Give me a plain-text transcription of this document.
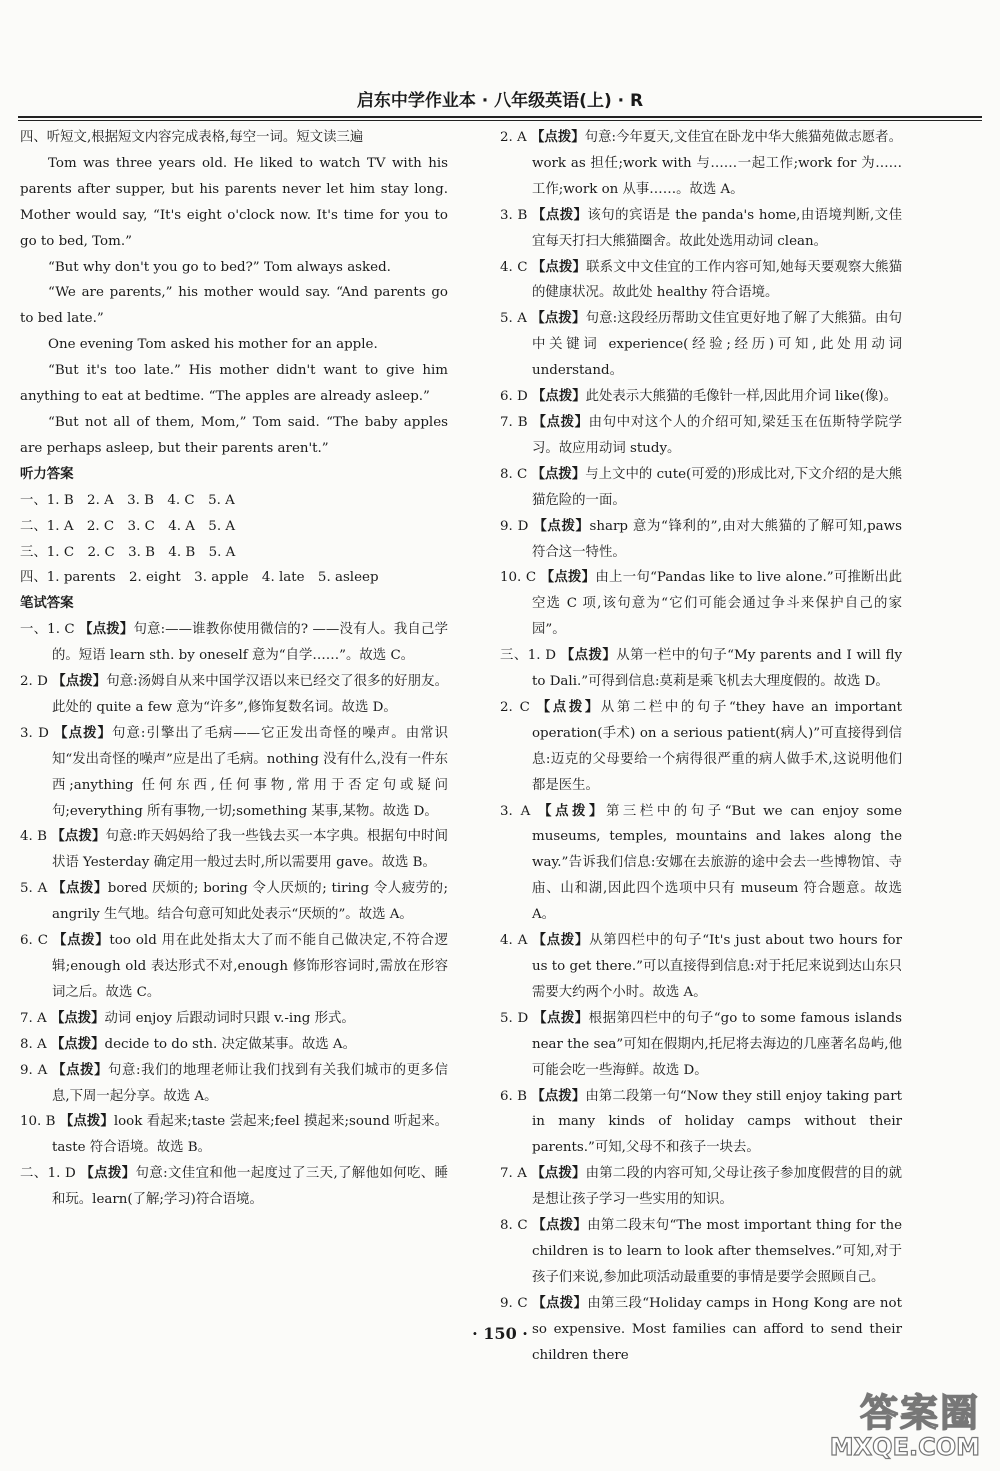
启东中学作业本 · 八年级英语(上) · R

四、听短文,根据短文内容完成表格,每空一词。短文读三遍

Tom was three years old. He liked to watch TV with his parents after supper, but his parents never let him stay long. Mother would say, “It's eight o'clock now. It's time for you to go to bed, Tom.”

“But why don't you go to bed?” Tom always asked.

“We are parents,” his mother would say. “And parents go to bed late.”

One evening Tom asked his mother for an apple.

“But it's too late.” His mother didn't want to give him anything to eat at bedtime. “The apples are already asleep.”

“But not all of them, Mom,” Tom said. “The baby apples are perhaps asleep, but their parents aren't.”

听力答案

一、1. B　2. A　3. B　4. C　5. A

二、1. A　2. C　3. C　4. A　5. A

三、1. C　2. C　3. B　4. B　5. A

四、1. parents　2. eight　3. apple　4. late　5. asleep

笔试答案

一、1. C 【点拨】句意:——谁教你使用微信的? ——没有人。我自己学的。短语 learn sth. by oneself 意为“自学……”。故选 C。

2. D 【点拨】句意:汤姆自从来中国学汉语以来已经交了很多的好朋友。此处的 quite a few 意为“许多”,修饰复数名词。故选 D。

3. D 【点拨】句意:引擎出了毛病——它正发出奇怪的噪声。由常识知“发出奇怪的噪声”应是出了毛病。nothing 没有什么,没有一件东西;anything 任何东西,任何事物,常用于否定句或疑问句;everything 所有事物,一切;something 某事,某物。故选 D。

4. B 【点拨】句意:昨天妈妈给了我一些钱去买一本字典。根据句中时间状语 Yesterday 确定用一般过去时,所以需要用 gave。故选 B。

5. A 【点拨】bored 厌烦的; boring 令人厌烦的; tiring 令人疲劳的; angrily 生气地。结合句意可知此处表示“厌烦的”。故选 A。

6. C 【点拨】too old 用在此处指太大了而不能自己做决定,不符合逻辑;enough old 表达形式不对,enough 修饰形容词时,需放在形容词之后。故选 C。

7. A 【点拨】动词 enjoy 后跟动词时只跟 v.-ing 形式。

8. A 【点拨】decide to do sth. 决定做某事。故选 A。

9. A 【点拨】句意:我们的地理老师让我们找到有关我们城市的更多信息,下周一起分享。故选 A。

10. B 【点拨】look 看起来;taste 尝起来;feel 摸起来;sound 听起来。taste 符合语境。故选 B。

二、1. D 【点拨】句意:文佳宜和他一起度过了三天,了解他如何吃、睡和玩。learn(了解;学习)符合语境。

2. A 【点拨】句意:今年夏天,文佳宜在卧龙中华大熊猫苑做志愿者。work as 担任;work with 与……一起工作;work for 为……工作;work on 从事……。故选 A。

3. B 【点拨】该句的宾语是 the panda's home,由语境判断,文佳宜每天打扫大熊猫圈舍。故此处选用动词 clean。

4. C 【点拨】联系文中文佳宜的工作内容可知,她每天要观察大熊猫的健康状况。故此处 healthy 符合语境。

5. A 【点拨】句意:这段经历帮助文佳宜更好地了解了大熊猫。由句中关键词 experience(经验;经历)可知,此处用动词 understand。

6. D 【点拨】此处表示大熊猫的毛像针一样,因此用介词 like(像)。

7. B 【点拨】由句中对这个人的介绍可知,梁廷玉在伍斯特学院学习。故应用动词 study。

8. C 【点拨】与上文中的 cute(可爱的)形成比对,下文介绍的是大熊猫危险的一面。

9. D 【点拨】sharp 意为“锋利的”,由对大熊猫的了解可知,paws 符合这一特性。

10. C 【点拨】由上一句“Pandas like to live alone.”可推断出此空选 C 项,该句意为“它们可能会通过争斗来保护自己的家园”。

三、1. D 【点拨】从第一栏中的句子“My parents and I will fly to Dali.”可得到信息:莫莉是乘飞机去大理度假的。故选 D。

2. C 【点拨】从第二栏中的句子“they have an important operation(手术) on a serious patient(病人)”可直接得到信息:迈克的父母要给一个病得很严重的病人做手术,这说明他们都是医生。

3. A 【点拨】第三栏中的句子“But we can enjoy some museums, temples, mountains and lakes along the way.”告诉我们信息:安娜在去旅游的途中会去一些博物馆、寺庙、山和湖,因此四个选项中只有 museum 符合题意。故选 A。

4. A 【点拨】从第四栏中的句子“It's just about two hours for us to get there.”可以直接得到信息:对于托尼来说到达山东只需要大约两个小时。故选 A。

5. D 【点拨】根据第四栏中的句子“go to some famous islands near the sea”可知在假期内,托尼将去海边的几座著名岛屿,他可能会吃一些海鲜。故选 D。

6. B 【点拨】由第二段第一句“Now they still enjoy taking part in many kinds of holiday camps without their parents.”可知,父母不和孩子一块去。

7. A 【点拨】由第二段的内容可知,父母让孩子参加度假营的目的就是想让孩子学习一些实用的知识。

8. C 【点拨】由第二段末句“The most important thing for the children is to learn to look after themselves.”可知,对于孩子们来说,参加此项活动最重要的事情是要学会照顾自己。

9. C 【点拨】由第三段“Holiday camps in Hong Kong are not so expensive. Most families can afford to send their children there

· 150 ·
答案圈
MXQE.COM
